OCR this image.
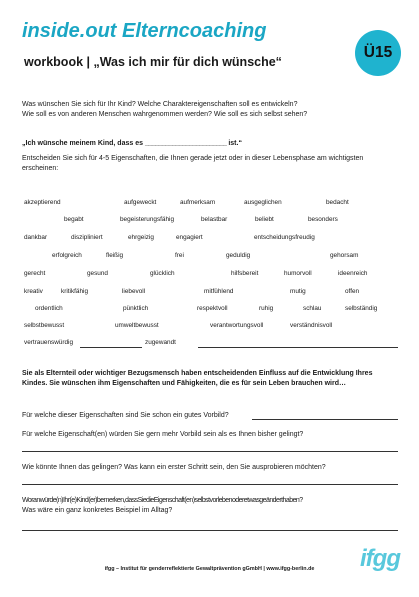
inside.out Elterncoaching
workbook | „Was ich mir für dich wünsche“
Ü15
Was wünschen Sie sich für Ihr Kind? Welche Charaktereigenschaften soll es entwickeln?
Wie soll es von anderen Menschen wahrgenommen werden? Wie soll es sich selbst sehen?
„Ich wünsche meinem Kind, dass es ________________________ ist.“
Entscheiden Sie sich für 4-5 Eigenschaften, die Ihnen gerade jetzt oder in dieser Lebensphase am wichtigsten
erscheinen:
akzeptierend	aufgeweckt	aufmerksam	ausgeglichen	bedacht
begabt	begeisterungsfähig	belastbar	beliebt	besonders
dankbar	diszipliniert	ehrgeizig	engagiert	entscheidungsfreudig
erfolgreich	fleißig	frei	geduldig	gehorsam
gerecht	gesund	glücklich	hilfsbereit	humorvoll	ideenreich
kreativ	kritikfähig	liebevoll	mitfühlend	mutig	offen
ordentlich	pünktlich	respektvoll	ruhig	schlau	selbständig
selbstbewusst	umweltbewusst	verantwortungsvoll	verständnisvoll
vertrauenswürdig	zugewandt
Sie als Elternteil oder wichtiger Bezugsmensch haben entscheidenden Einfluss auf die Entwicklung Ihres
Kindes. Sie wünschen ihm Eigenschaften und Fähigkeiten, die es für sein Leben brauchen wird…
Für welche dieser Eigenschaften sind Sie schon ein gutes Vorbild?
Für welche Eigenschaft(en) würden Sie gern mehr Vorbild sein als es Ihnen bisher gelingt?
Wie könnte Ihnen das gelingen? Was kann ein erster Schritt sein, den Sie ausprobieren möchten?
Woranwürde(n)Ihr(e)Kind(er)bemerken,dassSiedieEigenschaft(en)selbstvorlebenoderetwasgeänderthaben?
Was wäre ein ganz konkretes Beispiel im Alltag?
ifgg
ifgg – Institut für genderreflektierte Gewaltprävention gGmbH | www.ifgg-berlin.de
